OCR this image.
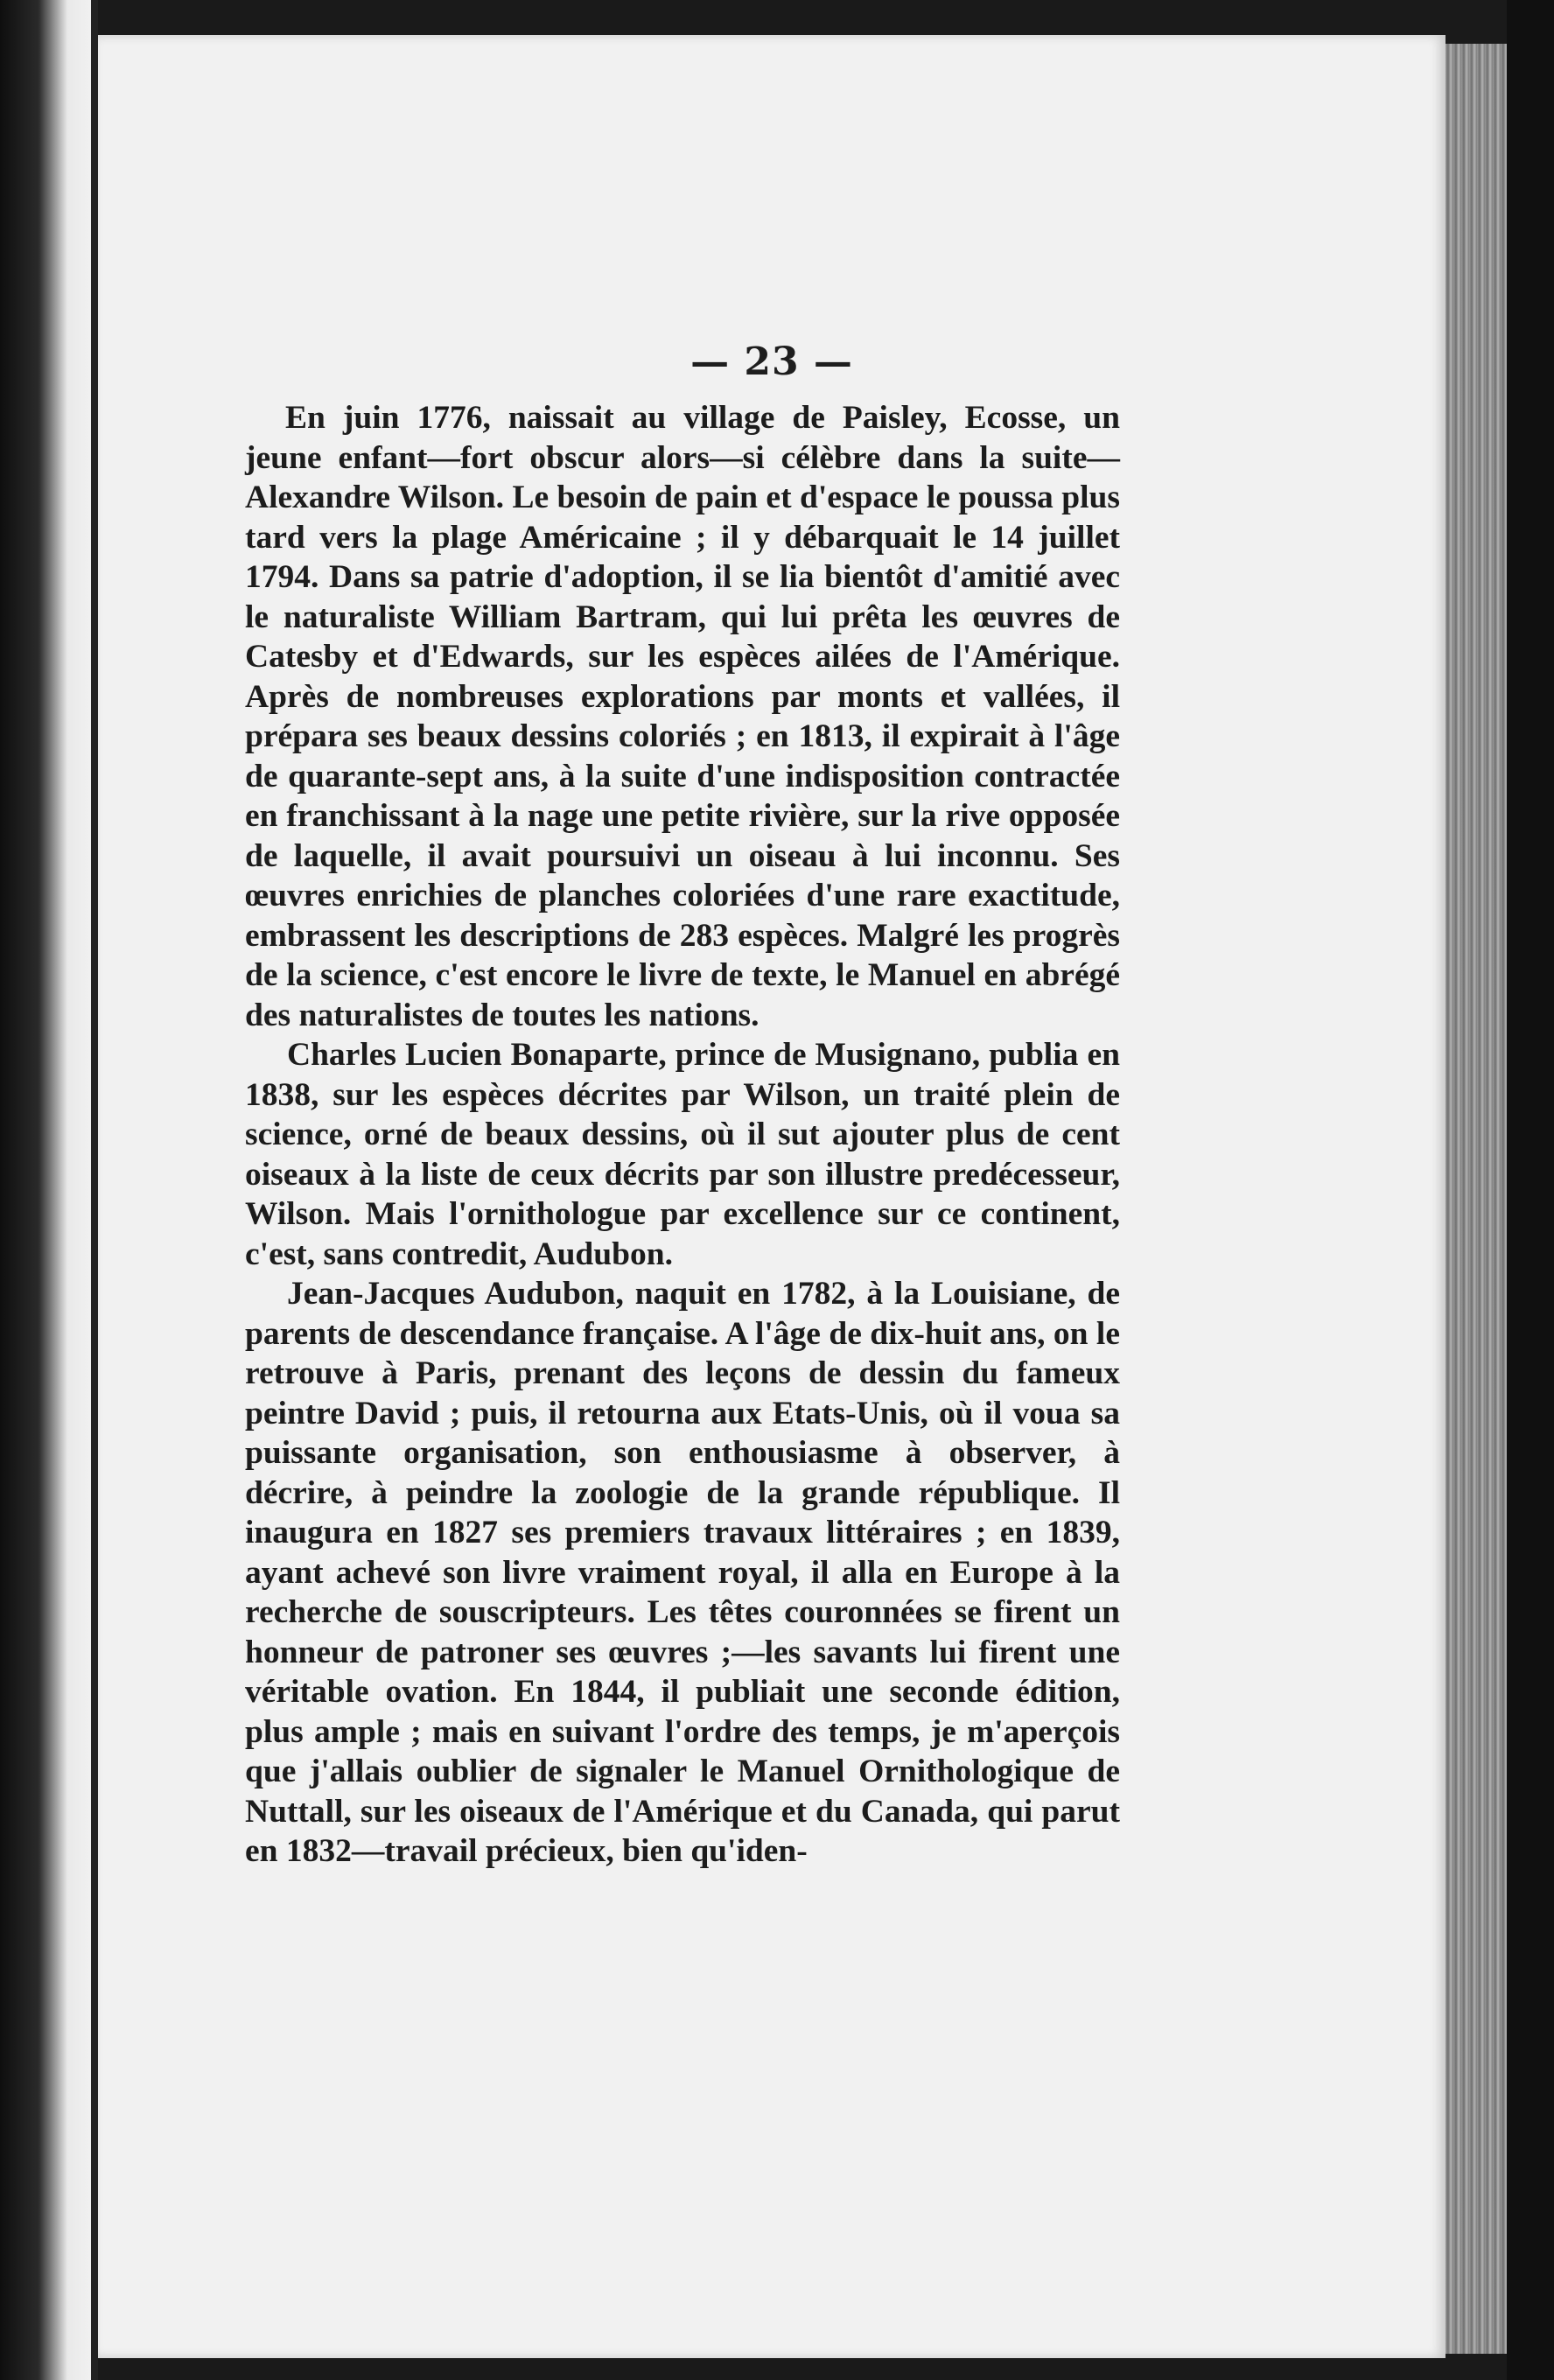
— 23 —

En juin 1776, naissait au village de Paisley, Ecosse, un jeune enfant—fort obscur alors—si célèbre dans la suite—Alexandre Wilson. Le besoin de pain et d'espace le poussa plus tard vers la plage Américaine ; il y débarquait le 14 juillet 1794. Dans sa patrie d'adoption, il se lia bientôt d'amitié avec le naturaliste William Bartram, qui lui prêta les œuvres de Catesby et d'Edwards, sur les espèces ailées de l'Amérique. Après de nombreuses explorations par monts et vallées, il prépara ses beaux dessins coloriés ; en 1813, il expirait à l'âge de quarante-sept ans, à la suite d'une indisposition contractée en franchissant à la nage une petite rivière, sur la rive opposée de laquelle, il avait poursuivi un oiseau à lui inconnu. Ses œuvres enrichies de planches coloriées d'une rare exactitude, embrassent les descriptions de 283 espèces. Malgré les progrès de la science, c'est encore le livre de texte, le Manuel en abrégé des naturalistes de toutes les nations.

Charles Lucien Bonaparte, prince de Musignano, publia en 1838, sur les espèces décrites par Wilson, un traité plein de science, orné de beaux dessins, où il sut ajouter plus de cent oiseaux à la liste de ceux décrits par son illustre predécesseur, Wilson. Mais l'ornithologue par excellence sur ce continent, c'est, sans contredit, Audubon.

Jean-Jacques Audubon, naquit en 1782, à la Louisiane, de parents de descendance française. A l'âge de dix-huit ans, on le retrouve à Paris, prenant des leçons de dessin du fameux peintre David ; puis, il retourna aux Etats-Unis, où il voua sa puissante organisation, son enthousiasme à observer, à décrire, à peindre la zoologie de la grande république. Il inaugura en 1827 ses premiers travaux littéraires ; en 1839, ayant achevé son livre vraiment royal, il alla en Europe à la recherche de souscripteurs. Les têtes couronnées se firent un honneur de patroner ses œuvres ;—les savants lui firent une véritable ovation. En 1844, il publiait une seconde édition, plus ample ; mais en suivant l'ordre des temps, je m'aperçois que j'allais oublier de signaler le Manuel Ornithologique de Nuttall, sur les oiseaux de l'Amérique et du Canada, qui parut en 1832—travail précieux, bien qu'iden-
